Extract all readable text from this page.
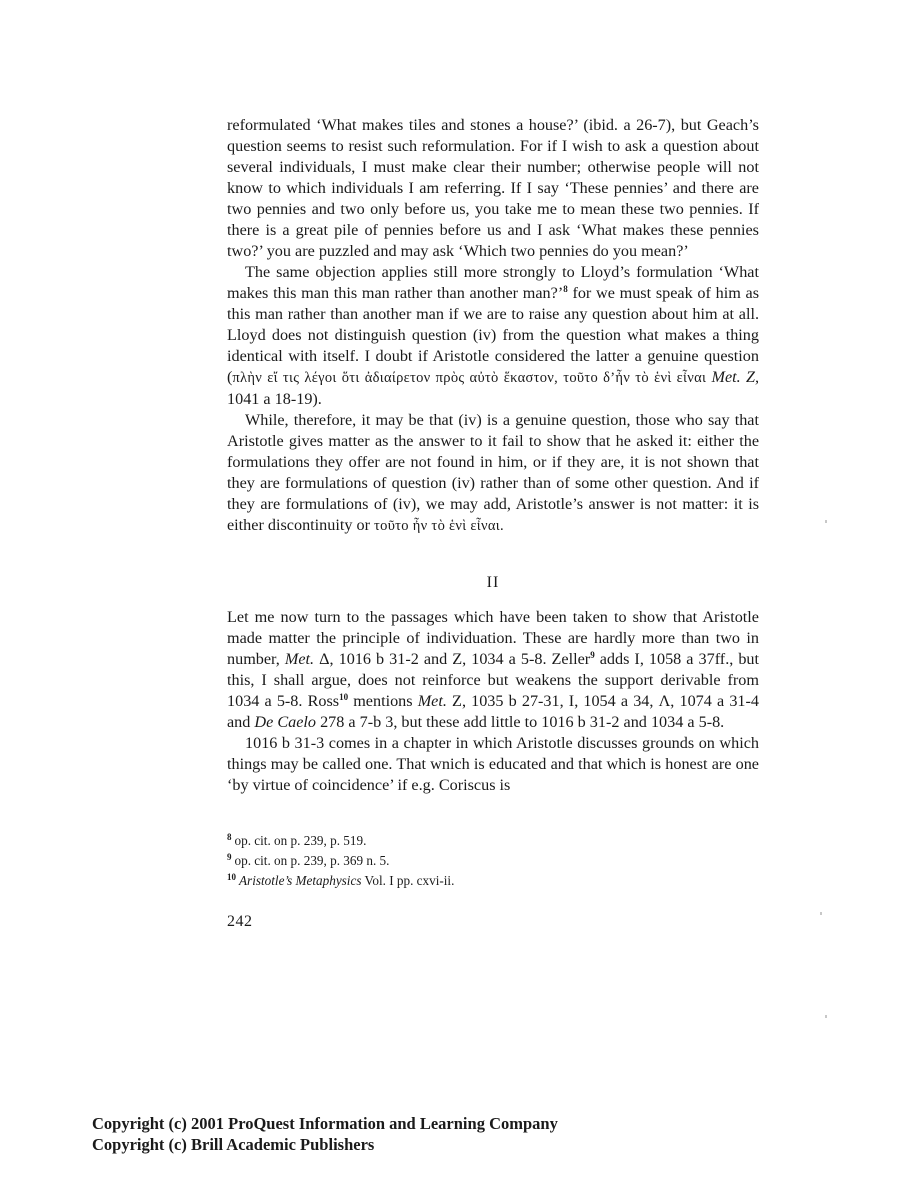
reformulated ‘What makes tiles and stones a house?’ (ibid. a 26-7), but Geach’s question seems to resist such reformulation. For if I wish to ask a question about several individuals, I must make clear their number; otherwise people will not know to which individuals I am referring. If I say ‘These pennies’ and there are two pennies and two only before us, you take me to mean these two pennies. If there is a great pile of pennies before us and I ask ‘What makes these pennies two?’ you are puzzled and may ask ‘Which two pennies do you mean?’

The same objection applies still more strongly to Lloyd’s formulation ‘What makes this man this man rather than another man?’$^8$ for we must speak of him as this man rather than another man if we are to raise any question about him at all. Lloyd does not distinguish question (iv) from the question what makes a thing identical with itself. I doubt if Aristotle considered the latter a genuine question (πλὴν εἴ τις λέγοι ὅτι ἀδιαίρετον πρὸς αὐτὸ ἕκαστον, τοῦτο δ’ἦν τὸ ἑνὶ εἶναι Met. Z, 1041 a 18-19).

While, therefore, it may be that (iv) is a genuine question, those who say that Aristotle gives matter as the answer to it fail to show that he asked it: either the formulations they offer are not found in him, or if they are, it is not shown that they are formulations of question (iv) rather than of some other question. And if they are formulations of (iv), we may add, Aristotle’s answer is not matter: it is either discontinuity or τοῦτο ἦν τὸ ἑνὶ εἶναι.

II

Let me now turn to the passages which have been taken to show that Aristotle made matter the principle of individuation. These are hardly more than two in number, Met. Δ, 1016 b 31-2 and Z, 1034 a 5-8. Zeller$^9$ adds I, 1058 a 37ff., but this, I shall argue, does not reinforce but weakens the support derivable from 1034 a 5-8. Ross$^{10}$ mentions Met. Z, 1035 b 27-31, I, 1054 a 34, Λ, 1074 a 31-4 and De Caelo 278 a 7-b 3, but these add little to 1016 b 31-2 and 1034 a 5-8.

1016 b 31-3 comes in a chapter in which Aristotle discusses grounds on which things may be called one. That wnich is educated and that which is honest are one ‘by virtue of coincidence’ if e.g. Coriscus is

$^8$ op. cit. on p. 239, p. 519.

$^9$ op. cit. on p. 239, p. 369 n. 5.

$^{10}$ Aristotle’s Metaphysics Vol. I pp. cxvi-ii.

242
Copyright (c) 2001 ProQuest Information and Learning Company
Copyright (c) Brill Academic Publishers
